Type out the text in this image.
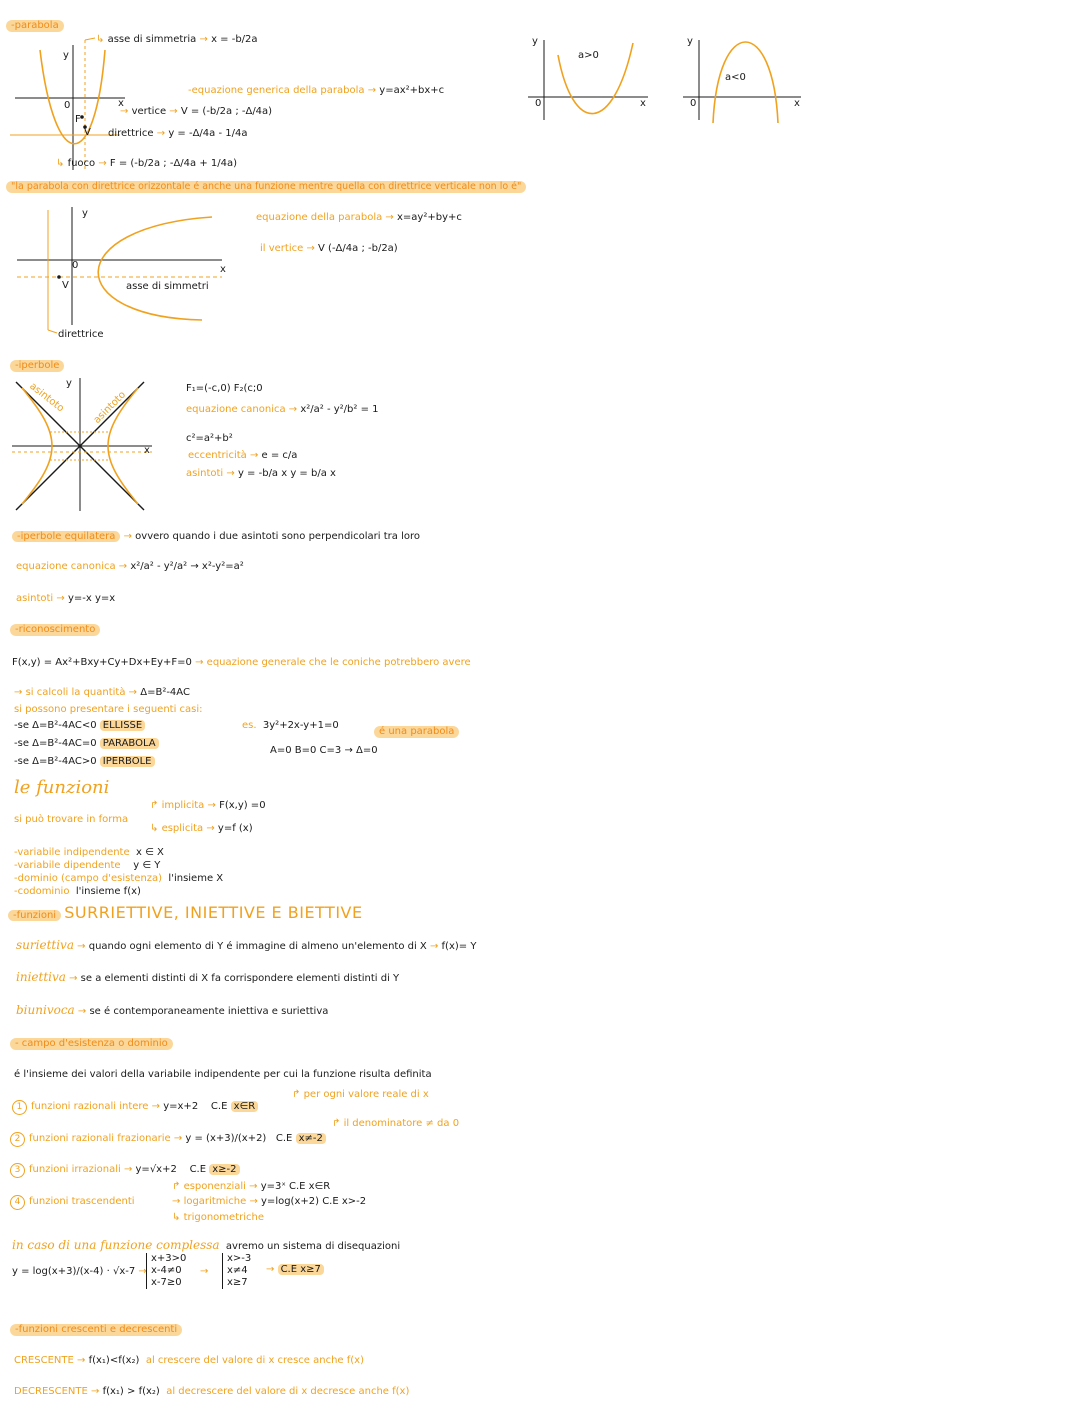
-parabola
y
x
0
V
F
↳ asse di simmetria → x = -b/2a
-equazione generica della parabola → y=ax²+bx+c
→ vertice → V = (-b/2a ; -Δ/4a)
direttrice → y = -Δ/4a - 1/4a
↳ fuoco → F = (-b/2a ; -Δ/4a + 1/4a)
y
x
0
a>0
y
x
0
a<0
"la parabola con direttrice orizzontale é anche una funzione mentre quella con direttrice verticale non lo é"
y
x
0
V	asse di simmetri
direttrice
equazione della parabola → x=ay²+by+c
il vertice → V (-Δ/4a ; -b/2a)
-iperbole
asintoto	asintoto
y
x
F₁=(-c,0) F₂(c;0
equazione canonica → x²/a² - y²/b² = 1
c²=a²+b²
eccentricità → e = c/a
asintoti → y = -b/a x y = b/a x
-iperbole equilatera → ovvero quando i due asintoti sono perpendicolari tra loro
equazione canonica → x²/a² - y²/a² → x²-y²=a²
asintoti → y=-x y=x
-riconoscimento
F(x,y) = Ax²+Bxy+Cy+Dx+Ey+F=0 → equazione generale che le coniche potrebbero avere
→ si calcoli la quantità → Δ=B²-4AC
si possono presentare i seguenti casi:
-se Δ=B²-4AC<0 ELLISSE
-se Δ=B²-4AC=0 PARABOLA
-se Δ=B²-4AC>0 IPERBOLE
es. 3y²+2x-y+1=0
é una parabola
A=0 B=0 C=3 → Δ=0
le funzioni
si può trovare in forma
↱ implicita → F(x,y) =0
↳ esplicita → y=f (x)
-variabile indipendente x ∈ X
-variabile dipendente y ∈ Y
-dominio (campo d'esistenza) l'insieme X
-codominio l'insieme f(x)
-funzioni SURRIETTIVE, INIETTIVE E BIETTIVE
suriettiva → quando ogni elemento di Y é immagine di almeno un'elemento di X → f(x)= Y
iniettiva → se a elementi distinti di X fa corrispondere elementi distinti di Y
biunivoca → se é contemporaneamente iniettiva e suriettiva
- campo d'esistenza o dominio
é l'insieme dei valori della variabile indipendente per cui la funzione risulta definita
↱ per ogni valore reale di x
1 funzioni razionali intere → y=x+2 C.E x∈R
↱ il denominatore ≠ da 0
2 funzioni razionali frazionarie → y = (x+3)/(x+2) C.E x≠-2
3 funzioni irrazionali → y=√x+2 C.E x≥-2
4 funzioni trascendenti
↱ esponenziali → y=3ˣ C.E x∈R
→ logaritmiche → y=log(x+2) C.E x>-2
↳ trigonometriche
in caso di una funzione complessa avremo un sistema di disequazioni
y = log(x+3)/(x-4) · √x-7 →
x+3>0
x-4≠0
x-7≥0
→
x>-3
x≠4
x≥7
→ C.E x≥7
-funzioni crescenti e decrescenti
CRESCENTE → f(x₁)<f(x₂) al crescere del valore di x cresce anche f(x)
DECRESCENTE → f(x₁) > f(x₂) al decrescere del valore di x decresce anche f(x)
